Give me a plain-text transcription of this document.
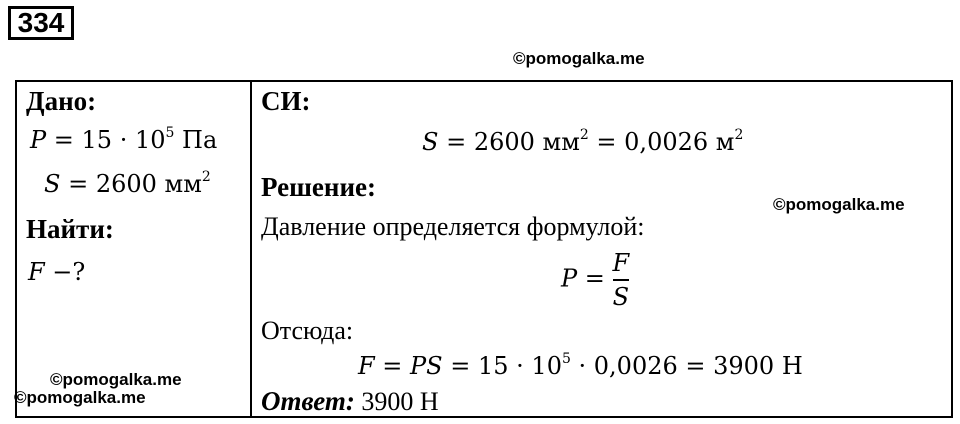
334
©pomogalka.me
Дано:
$P = 15 \cdot 10^5$ Па
S = 2600 $мм^2$
Найти:
F −?
©pomogalka.me
©pomogalka.me
СИ:
S = 2600 $мм^2 = 0,0026$ $м^2$
Решение:
©pomogalka.me
Давление определяется формулой:
$P = \frac{F}{S}$
Отсюда:
F = PS = $15 \cdot 10^5 \cdot 0,0026 = 3900$ Н
Ответ: 3900 Н
